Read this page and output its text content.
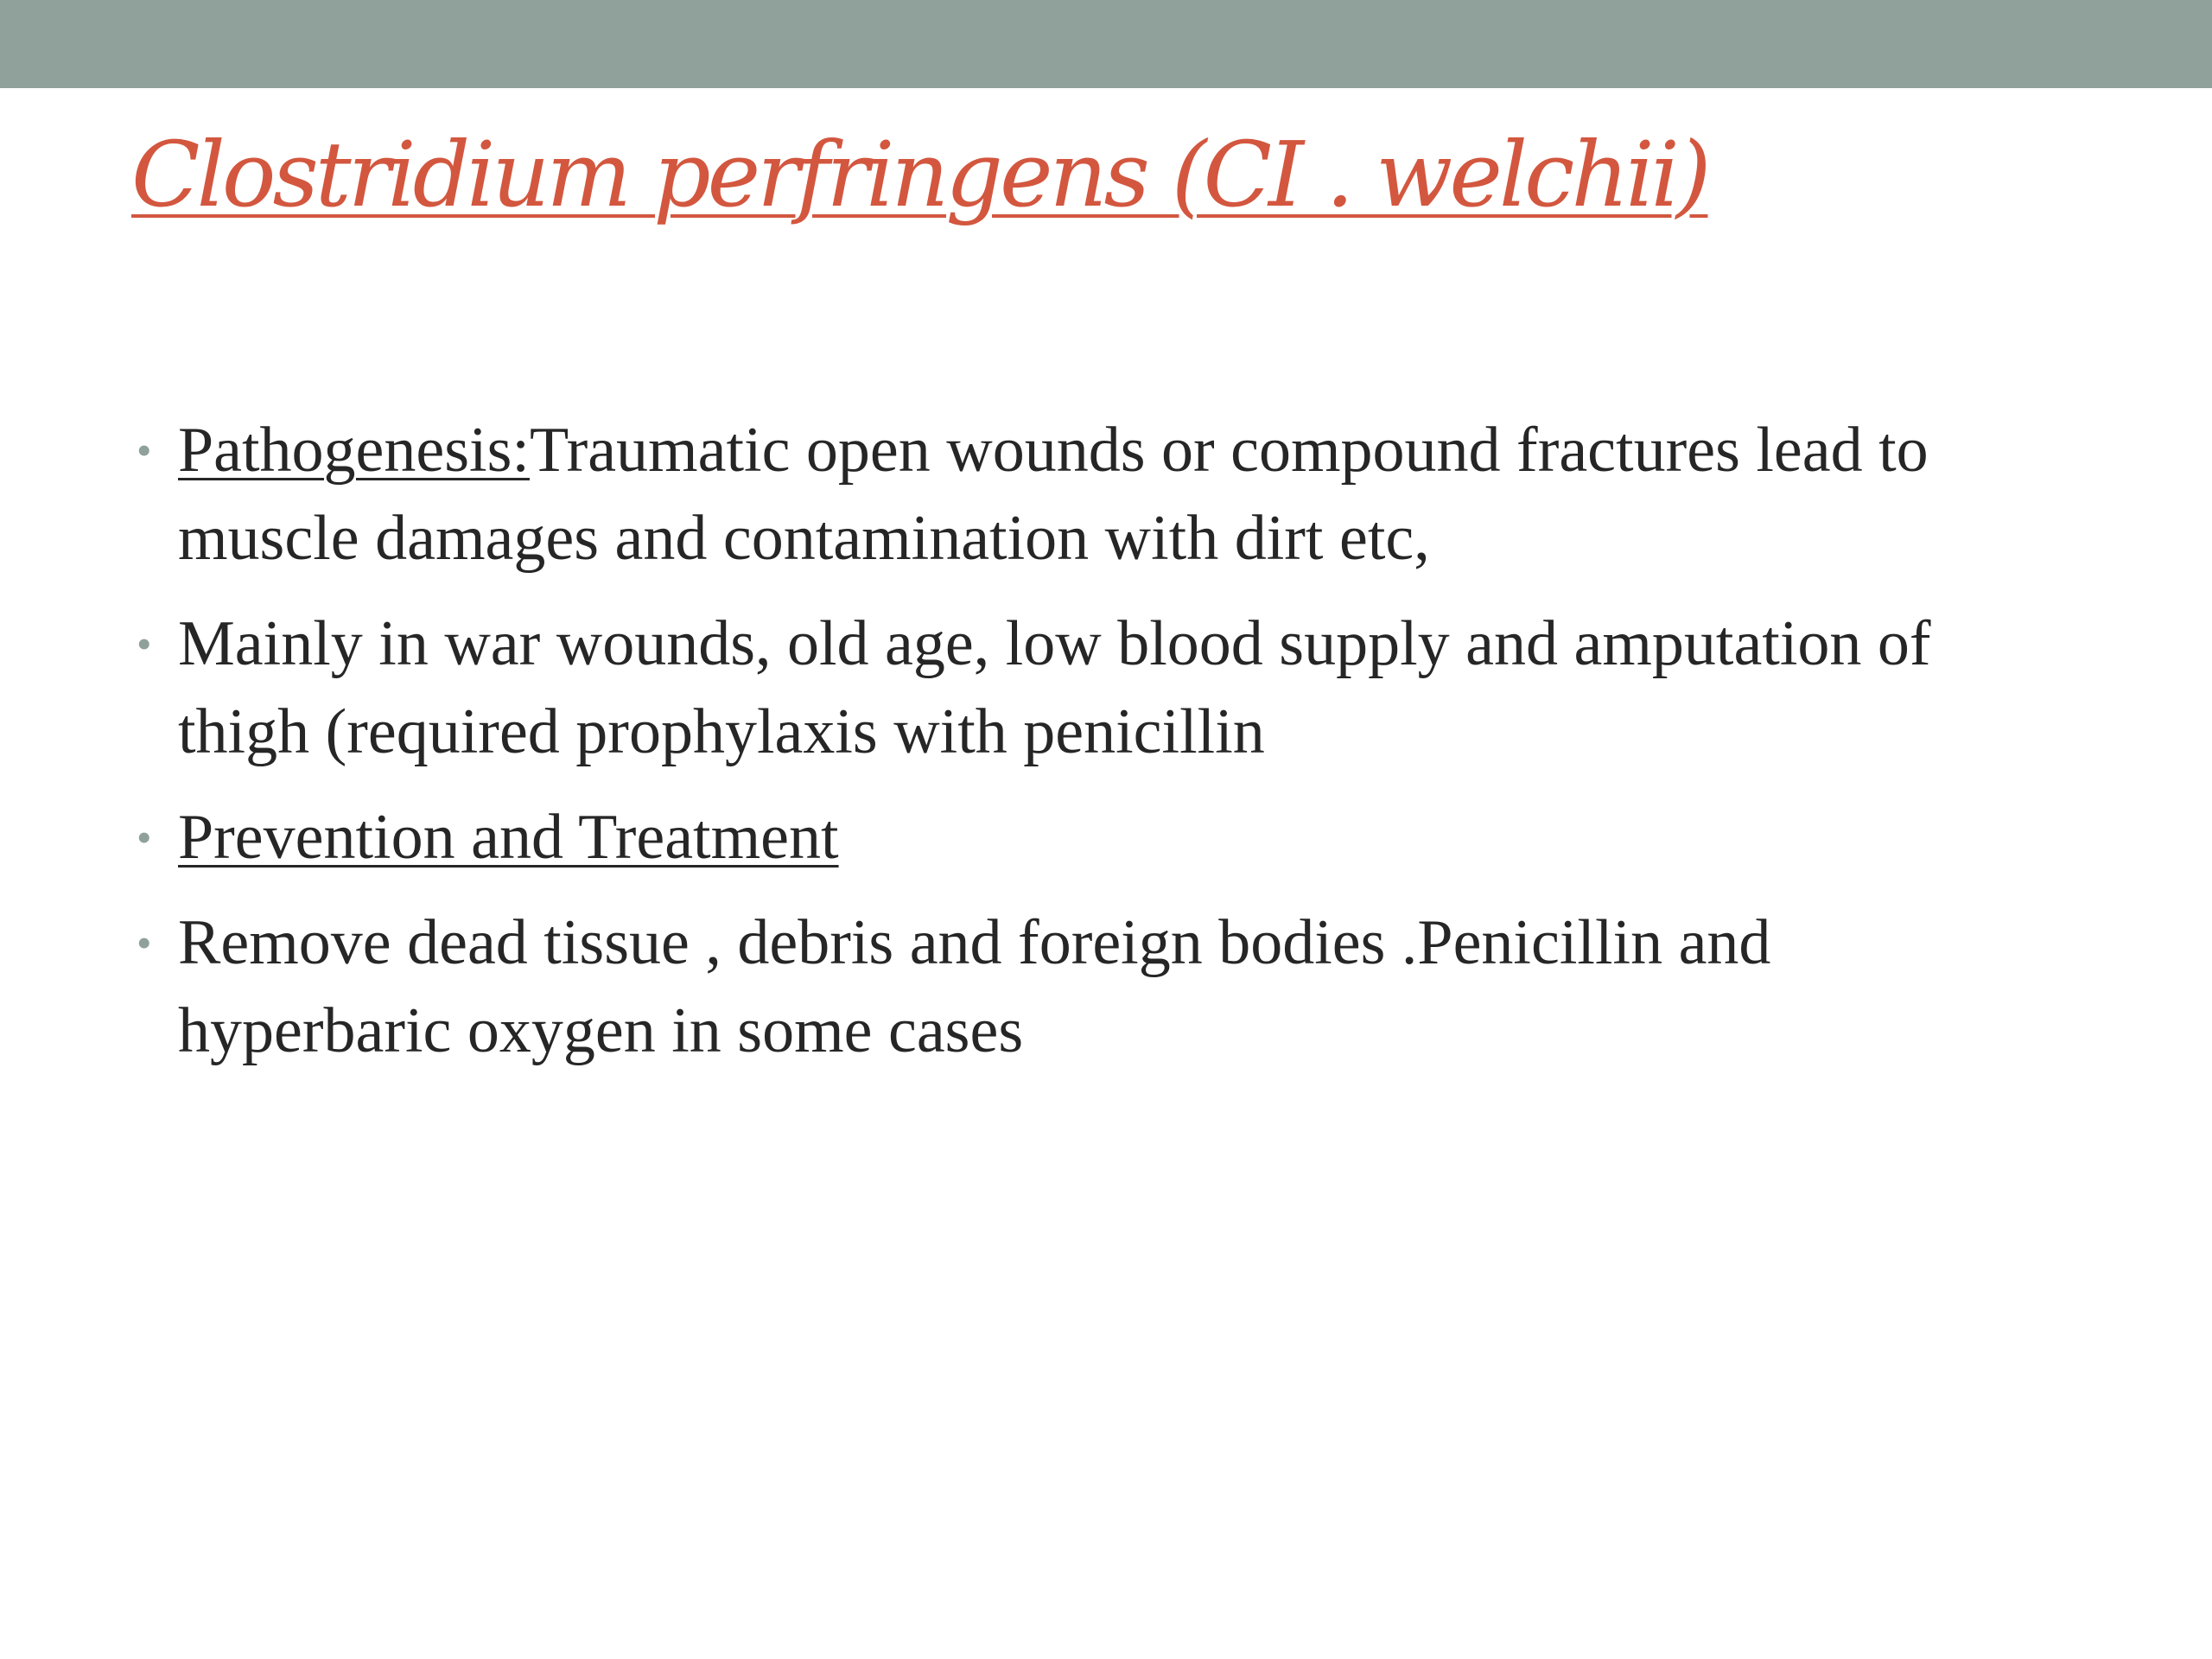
Clostridium perfringens (CI . welchii)
• Pathogenesis:Traumatic open wounds or compound fractures lead to muscle damages and contamination with dirt etc,
• Mainly in war wounds, old age, low blood supply and amputation of thigh (required prophylaxis with penicillin
• Prevention and Treatment
• Remove dead tissue , debris and foreign bodies .Penicillin and hyperbaric oxygen in some cases
